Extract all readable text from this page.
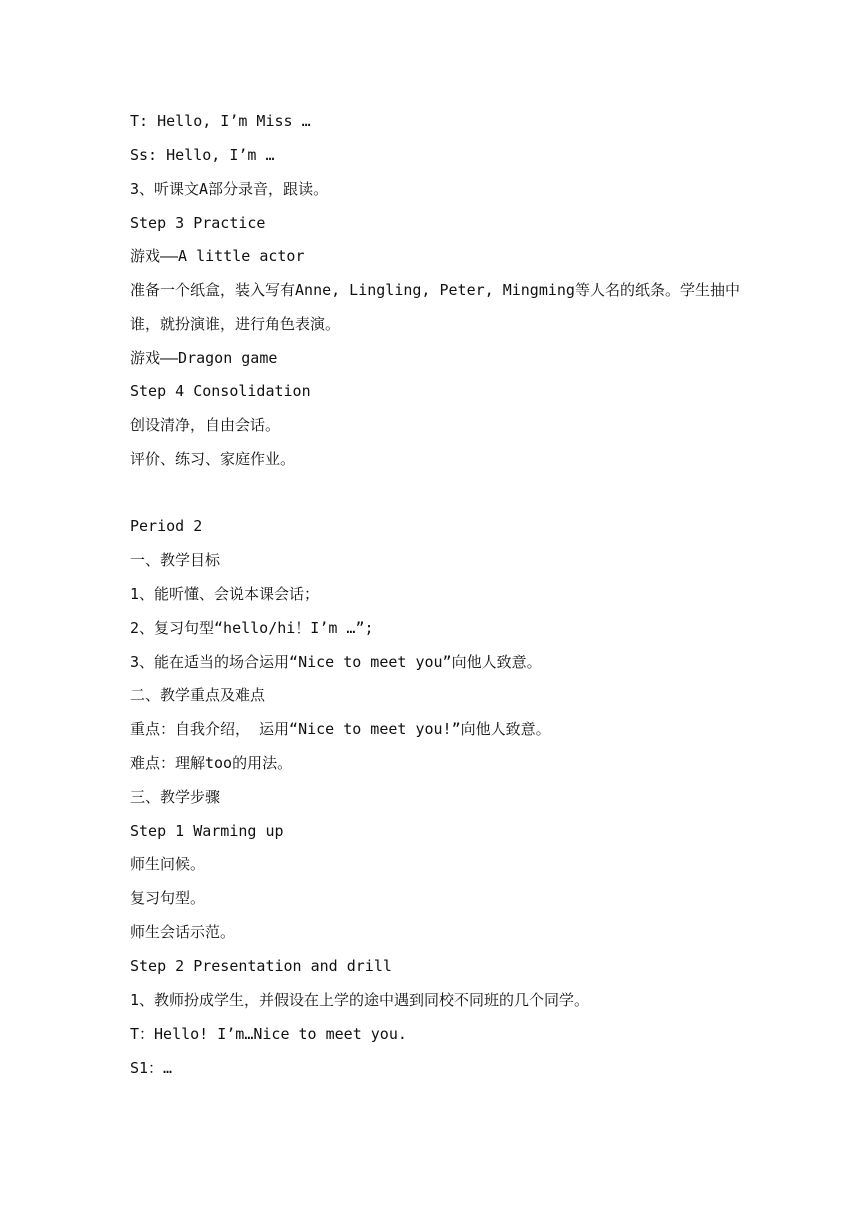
T: Hello, I’m Miss …
Ss: Hello, I’m …
3、听课文A部分录音，跟读。
Step 3 Practice
游戏——A little actor
准备一个纸盒，装入写有Anne, Lingling, Peter, Mingming等人名的纸条。学生抽中谁，就扮演谁，进行角色表演。
游戏——Dragon game
Step 4 Consolidation
创设清净，自由会话。
评价、练习、家庭作业。
Period 2
一、教学目标
1、能听懂、会说本课会话；
2、复习句型“hello/hi！I’m …”;
3、能在适当的场合运用“Nice to meet you”向他人致意。
二、教学重点及难点
重点：自我介绍， 运用“Nice to meet you!”向他人致意。
难点：理解too的用法。
三、教学步骤
Step 1 Warming up
师生问候。
复习句型。
师生会话示范。
Step 2 Presentation and drill
1、教师扮成学生，并假设在上学的途中遇到同校不同班的几个同学。
T：Hello! I’m…Nice to meet you.
S1：…
